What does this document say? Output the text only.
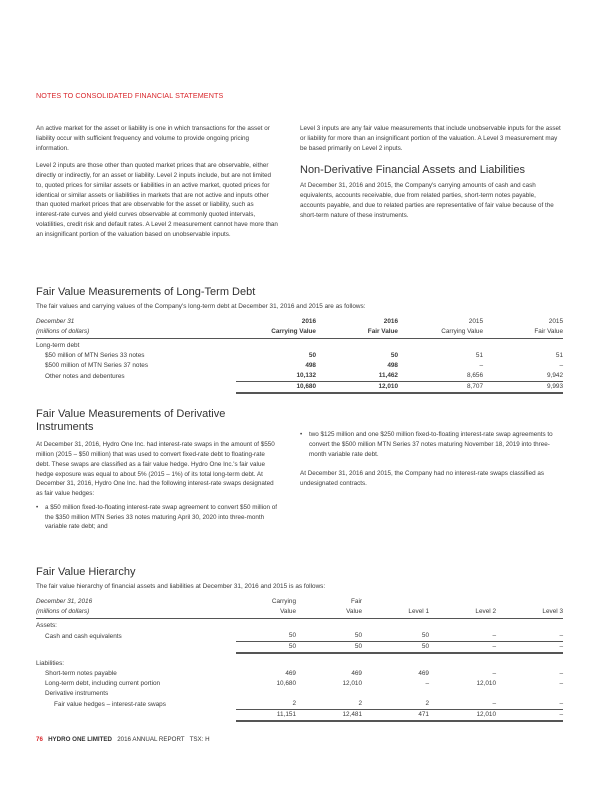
NOTES TO CONSOLIDATED FINANCIAL STATEMENTS

An active market for the asset or liability is one in which transactions for the asset or liability occur with sufficient frequency and volume to provide ongoing pricing information.

Level 2 inputs are those other than quoted market prices that are observable, either directly or indirectly, for an asset or liability. Level 2 inputs include, but are not limited to, quoted prices for similar assets or liabilities in an active market, quoted prices for identical or similar assets or liabilities in markets that are not active and inputs other than quoted market prices that are observable for the asset or liability, such as interest-rate curves and yield curves observable at commonly quoted intervals, volatilities, credit risk and default rates. A Level 2 measurement cannot have more than an insignificant portion of the valuation based on unobservable inputs.

Level 3 inputs are any fair value measurements that include unobservable inputs for the asset or liability for more than an insignificant portion of the valuation. A Level 3 measurement may be based primarily on Level 2 inputs.

Non-Derivative Financial Assets and Liabilities

At December 31, 2016 and 2015, the Company's carrying amounts of cash and cash equivalents, accounts receivable, due from related parties, short-term notes payable, accounts payable, and due to related parties are representative of fair value because of the short-term nature of these instruments.

Fair Value Measurements of Long-Term Debt
The fair values and carrying values of the Company's long-term debt at December 31, 2016 and 2015 are as follows:
December 31	2016	2016	2015	2015
(millions of dollars)	Carrying Value	Fair Value	Carrying Value	Fair Value
Long-term debt				
$50 million of MTN Series 33 notes	50	50	51	51
$500 million of MTN Series 37 notes	498	498	–	–
Other notes and debentures	10,132	11,462	8,656	9,942
	10,680	12,010	8,707	9,993
Fair Value Measurements of Derivative
Instruments

At December 31, 2016, Hydro One Inc. had interest-rate swaps in the amount of $550 million (2015 – $50 million) that was used to convert fixed-rate debt to floating-rate debt. These swaps are classified as a fair value hedge. Hydro One Inc.'s fair value hedge exposure was equal to about 5% (2015 – 1%) of its total long-term debt. At December 31, 2016, Hydro One Inc. had the following interest-rate swaps designated as fair value hedges:

• a $50 million fixed-to-floating interest-rate swap agreement to convert $50 million of the $350 million MTN Series 33 notes maturing April 30, 2020 into three-month variable rate debt; and
• two $125 million and one $250 million fixed-to-floating interest-rate swap agreements to convert the $500 million MTN Series 37 notes maturing November 18, 2019 into three-month variable rate debt.

At December 31, 2016 and 2015, the Company had no interest-rate swaps classified as undesignated contracts.

Fair Value Hierarchy
The fair value hierarchy of financial assets and liabilities at December 31, 2016 and 2015 is as follows:
December 31, 2016	Carrying	Fair			
(millions of dollars)	Value	Value	Level 1	Level 2	Level 3
Assets:					
Cash and cash equivalents	50	50	50	–	–
	50	50	50	–	–
Liabilities:					
Short-term notes payable	469	469	469	–	–
Long-term debt, including current portion	10,680	12,010	–	12,010	–
Derivative instruments					
Fair value hedges – interest-rate swaps	2	2	2	–	–
	11,151	12,481	471	12,010	–
76 HYDRO ONE LIMITED 2016 ANNUAL REPORT TSX: H
